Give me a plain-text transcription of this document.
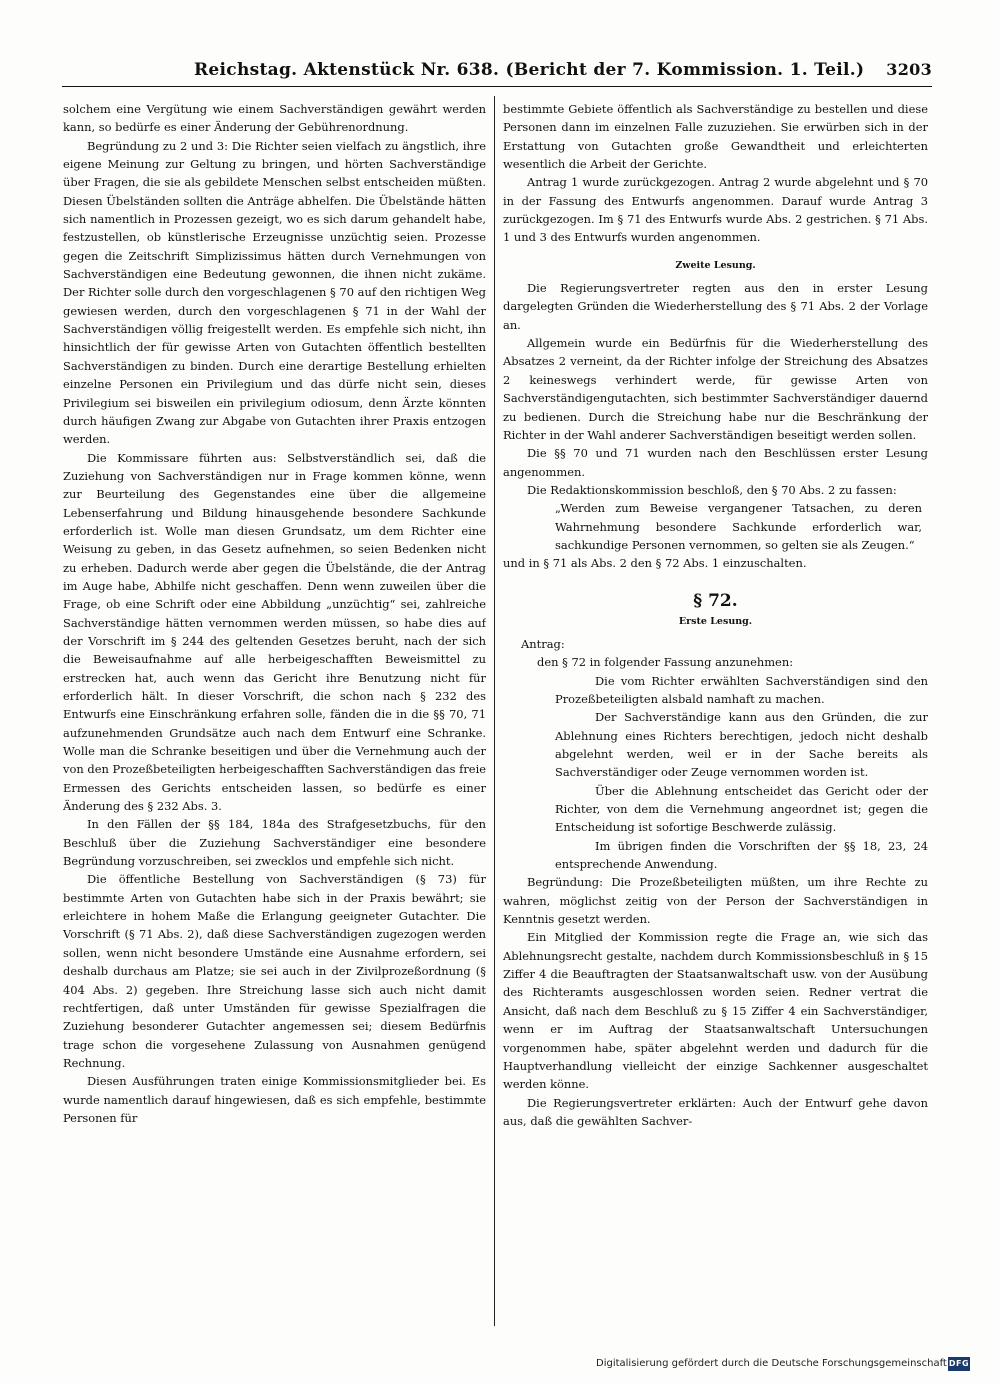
Reichstag. Aktenstück Nr. 638. (Bericht der 7. Kommission. 1. Teil.) 3203

solchem eine Vergütung wie einem Sachverständigen gewährt werden kann, so bedürfe es einer Änderung der Gebührenordnung.

Begründung zu 2 und 3: Die Richter seien vielfach zu ängstlich, ihre eigene Meinung zur Geltung zu bringen, und hörten Sachverständige über Fragen, die sie als gebildete Menschen selbst entscheiden müßten. Diesen Übelständen sollten die Anträge abhelfen. Die Übelstände hätten sich namentlich in Prozessen gezeigt, wo es sich darum gehandelt habe, festzustellen, ob künstlerische Erzeugnisse unzüchtig seien. Prozesse gegen die Zeitschrift Simplizissimus hätten durch Vernehmungen von Sachverständigen eine Bedeutung gewonnen, die ihnen nicht zukäme. Der Richter solle durch den vorgeschlagenen § 70 auf den richtigen Weg gewiesen werden, durch den vorgeschlagenen § 71 in der Wahl der Sachverständigen völlig freigestellt werden. Es empfehle sich nicht, ihn hinsichtlich der für gewisse Arten von Gutachten öffentlich bestellten Sachverständigen zu binden. Durch eine derartige Bestellung erhielten einzelne Personen ein Privilegium und das dürfe nicht sein, dieses Privilegium sei bisweilen ein privilegium odiosum, denn Ärzte könnten durch häufigen Zwang zur Abgabe von Gutachten ihrer Praxis entzogen werden.

Die Kommissare führten aus: Selbstverständlich sei, daß die Zuziehung von Sachverständigen nur in Frage kommen könne, wenn zur Beurteilung des Gegenstandes eine über die allgemeine Lebenserfahrung und Bildung hinausgehende besondere Sachkunde erforderlich ist. Wolle man diesen Grundsatz, um dem Richter eine Weisung zu geben, in das Gesetz aufnehmen, so seien Bedenken nicht zu erheben. Dadurch werde aber gegen die Übelstände, die der Antrag im Auge habe, Abhilfe nicht geschaffen. Denn wenn zuweilen über die Frage, ob eine Schrift oder eine Abbildung „unzüchtig“ sei, zahlreiche Sachverständige hätten vernommen werden müssen, so habe dies auf der Vorschrift im § 244 des geltenden Gesetzes beruht, nach der sich die Beweisaufnahme auf alle herbeigeschafften Beweismittel zu erstrecken hat, auch wenn das Gericht ihre Benutzung nicht für erforderlich hält. In dieser Vorschrift, die schon nach § 232 des Entwurfs eine Einschränkung erfahren solle, fänden die in die §§ 70, 71 aufzunehmenden Grundsätze auch nach dem Entwurf eine Schranke. Wolle man die Schranke beseitigen und über die Vernehmung auch der von den Prozeßbeteiligten herbeigeschafften Sachverständigen das freie Ermessen des Gerichts entscheiden lassen, so bedürfe es einer Änderung des § 232 Abs. 3.

In den Fällen der §§ 184, 184a des Strafgesetzbuchs, für den Beschluß über die Zuziehung Sachverständiger eine besondere Begründung vorzuschreiben, sei zwecklos und empfehle sich nicht.

Die öffentliche Bestellung von Sachverständigen (§ 73) für bestimmte Arten von Gutachten habe sich in der Praxis bewährt; sie erleichtere in hohem Maße die Erlangung geeigneter Gutachter. Die Vorschrift (§ 71 Abs. 2), daß diese Sachverständigen zugezogen werden sollen, wenn nicht besondere Umstände eine Ausnahme erfordern, sei deshalb durchaus am Platze; sie sei auch in der Zivilprozeßordnung (§ 404 Abs. 2) gegeben. Ihre Streichung lasse sich auch nicht damit rechtfertigen, daß unter Umständen für gewisse Spezialfragen die Zuziehung besonderer Gutachter angemessen sei; diesem Bedürfnis trage schon die vorgesehene Zulassung von Ausnahmen genügend Rechnung.

Diesen Ausführungen traten einige Kommissionsmitglieder bei. Es wurde namentlich darauf hingewiesen, daß es sich empfehle, bestimmte Personen für

bestimmte Gebiete öffentlich als Sachverständige zu bestellen und diese Personen dann im einzelnen Falle zuzuziehen. Sie erwürben sich in der Erstattung von Gutachten große Gewandtheit und erleichterten wesentlich die Arbeit der Gerichte.

Antrag 1 wurde zurückgezogen. Antrag 2 wurde abgelehnt und § 70 in der Fassung des Entwurfs angenommen. Darauf wurde Antrag 3 zurückgezogen. Im § 71 des Entwurfs wurde Abs. 2 gestrichen. § 71 Abs. 1 und 3 des Entwurfs wurden angenommen.

Zweite Lesung.

Die Regierungsvertreter regten aus den in erster Lesung dargelegten Gründen die Wiederherstellung des § 71 Abs. 2 der Vorlage an.

Allgemein wurde ein Bedürfnis für die Wiederherstellung des Absatzes 2 verneint, da der Richter infolge der Streichung des Absatzes 2 keineswegs verhindert werde, für gewisse Arten von Sachverständigengutachten, sich bestimmter Sachverständiger dauernd zu bedienen. Durch die Streichung habe nur die Beschränkung der Richter in der Wahl anderer Sachverständigen beseitigt werden sollen.

Die §§ 70 und 71 wurden nach den Beschlüssen erster Lesung angenommen.

Die Redaktionskommission beschloß, den § 70 Abs. 2 zu fassen:

„Werden zum Beweise vergangener Tatsachen, zu deren Wahrnehmung besondere Sachkunde erforderlich war, sachkundige Personen vernommen, so gelten sie als Zeugen.“

und in § 71 als Abs. 2 den § 72 Abs. 1 einzuschalten.

§ 72.

Erste Lesung.

Antrag:

den § 72 in folgender Fassung anzunehmen:

Die vom Richter erwählten Sachverständigen sind den Prozeßbeteiligten alsbald namhaft zu machen.

Der Sachverständige kann aus den Gründen, die zur Ablehnung eines Richters berechtigen, jedoch nicht deshalb abgelehnt werden, weil er in der Sache bereits als Sachverständiger oder Zeuge vernommen worden ist.

Über die Ablehnung entscheidet das Gericht oder der Richter, von dem die Vernehmung angeordnet ist; gegen die Entscheidung ist sofortige Beschwerde zulässig.

Im übrigen finden die Vorschriften der §§ 18, 23, 24 entsprechende Anwendung.

Begründung: Die Prozeßbeteiligten müßten, um ihre Rechte zu wahren, möglichst zeitig von der Person der Sachverständigen in Kenntnis gesetzt werden.

Ein Mitglied der Kommission regte die Frage an, wie sich das Ablehnungsrecht gestalte, nachdem durch Kommissionsbeschluß in § 15 Ziffer 4 die Beauftragten der Staatsanwaltschaft usw. von der Ausübung des Richteramts ausgeschlossen worden seien. Redner vertrat die Ansicht, daß nach dem Beschluß zu § 15 Ziffer 4 ein Sachverständiger, wenn er im Auftrag der Staatsanwaltschaft Untersuchungen vorgenommen habe, später abgelehnt werden und dadurch für die Hauptverhandlung vielleicht der einzige Sachkenner ausgeschaltet werden könne.

Die Regierungsvertreter erklärten: Auch der Entwurf gehe davon aus, daß die gewählten Sachver-

Digitalisierung gefördert durch die Deutsche Forschungsgemeinschaft DFG
